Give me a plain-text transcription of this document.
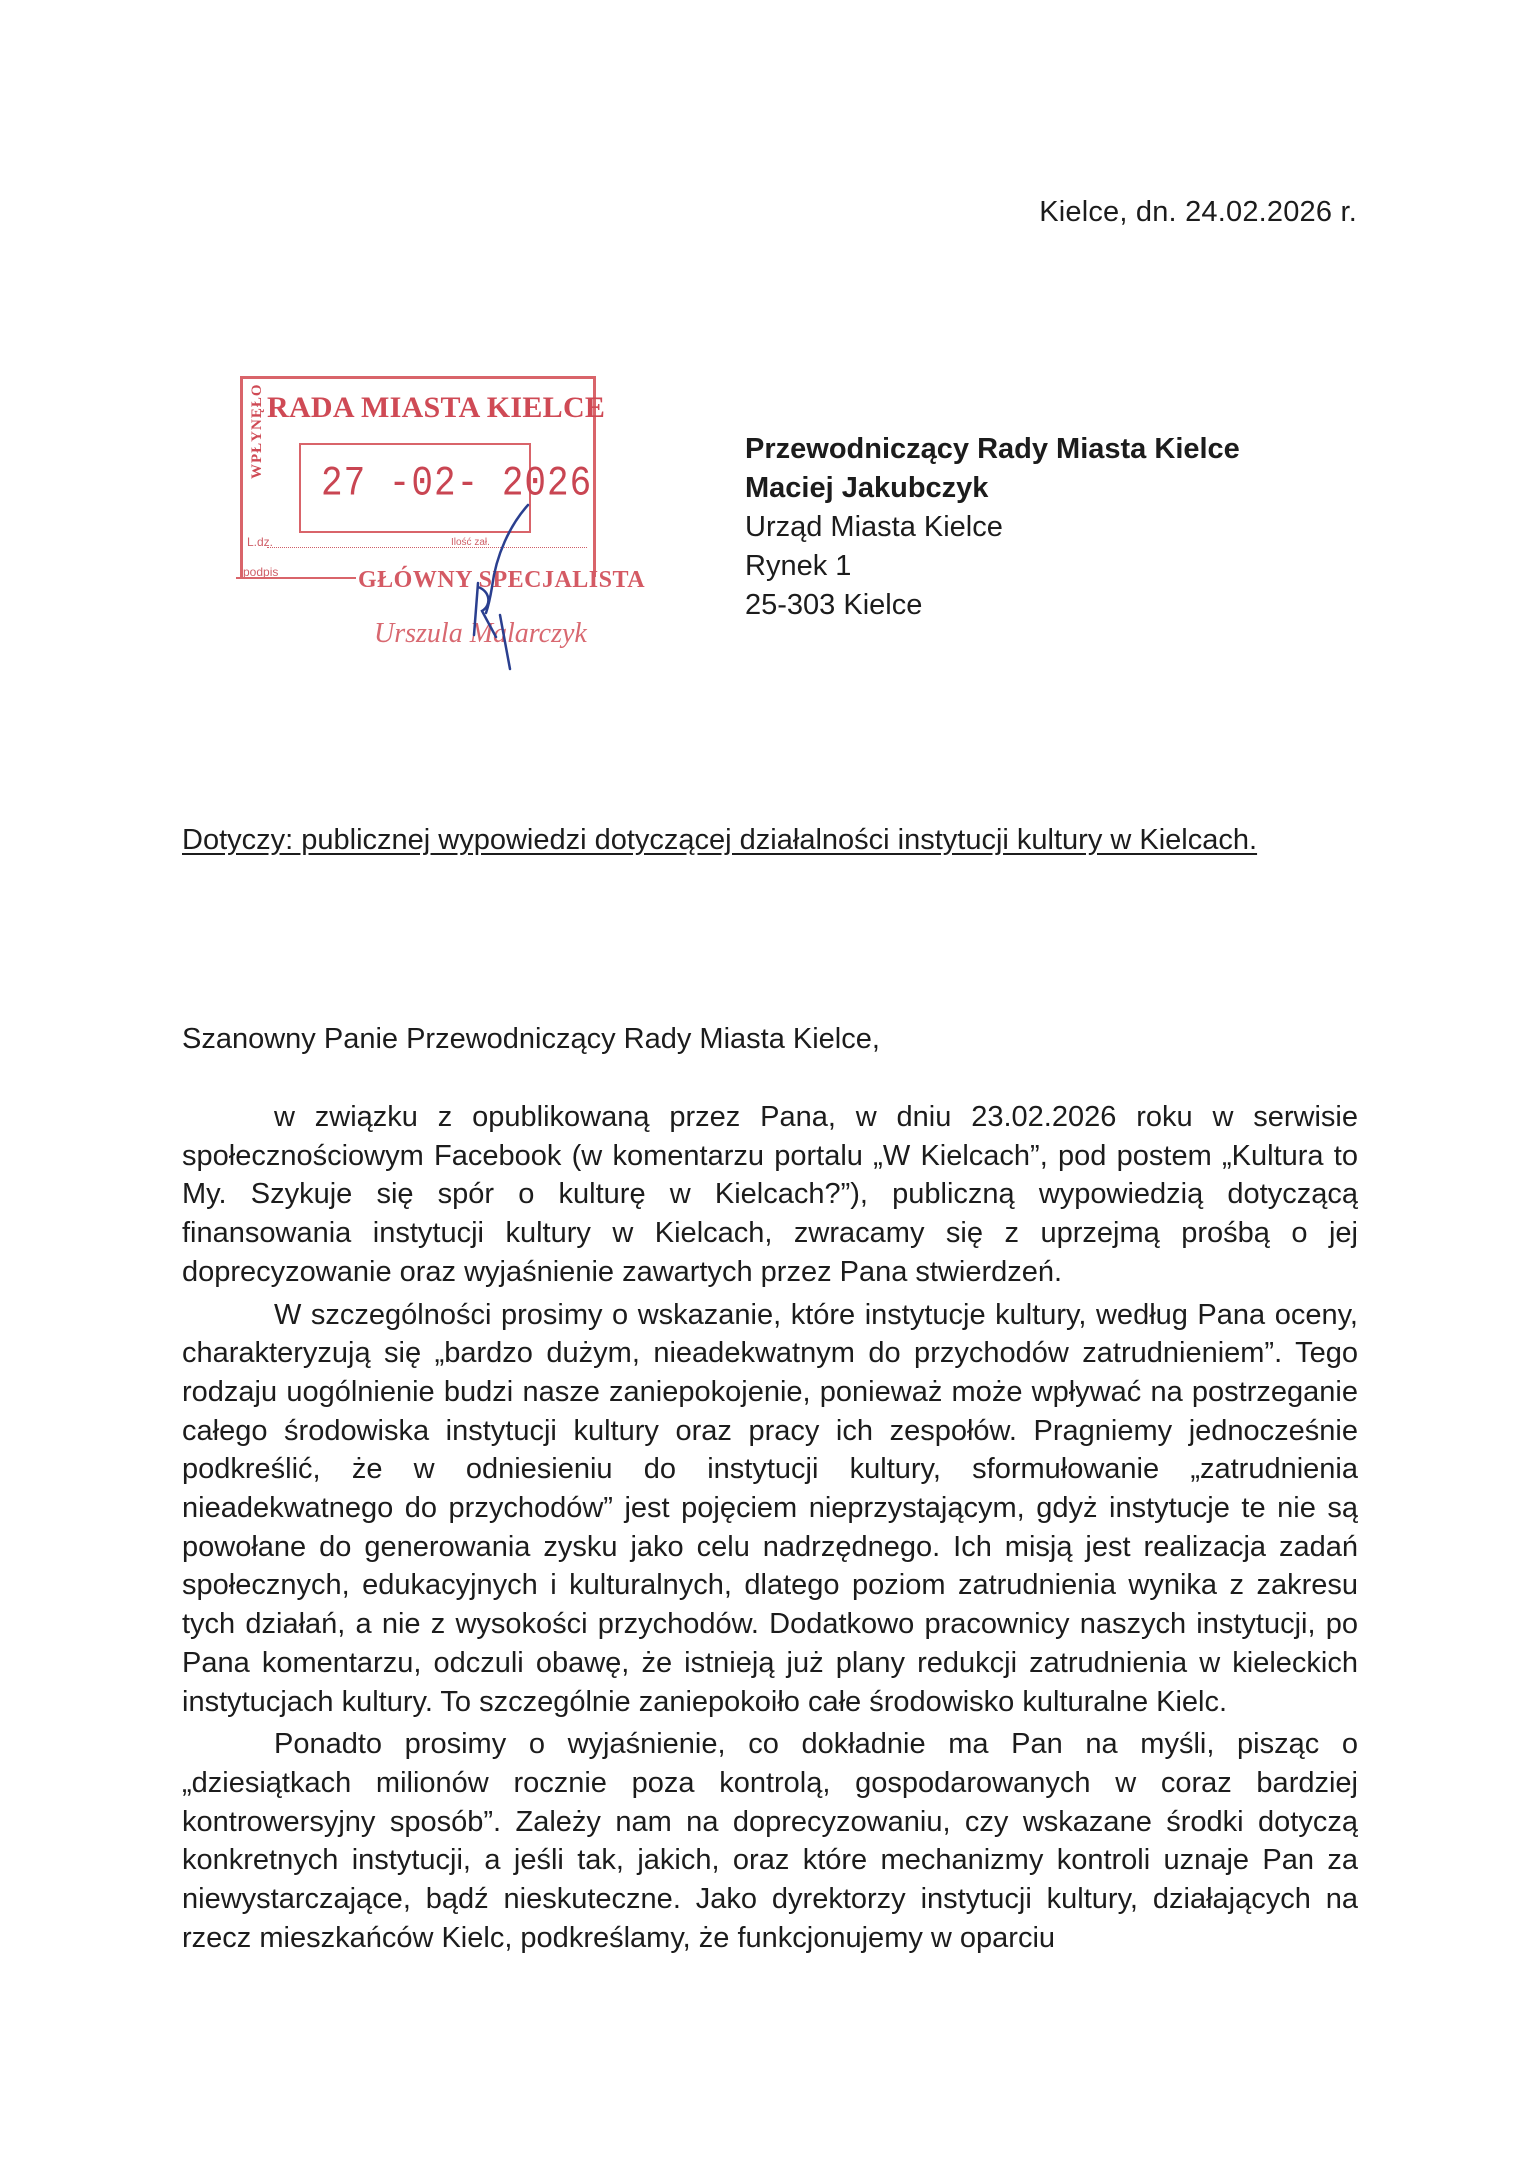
Kielce, dn. 24.02.2026 r.
RADA MIASTA KIELCE
WPŁYNĘŁO
27 -02- 2026
L.dz.	Ilość zał.
podpis	GŁÓWNY SPECJALISTA
Urszula Malarczyk
Przewodniczący Rady Miasta Kielce
Maciej Jakubczyk
Urząd Miasta Kielce
Rynek 1
25-303 Kielce
Dotyczy: publicznej wypowiedzi dotyczącej działalności instytucji kultury w Kielcach.
Szanowny Panie Przewodniczący Rady Miasta Kielce,

w związku z opublikowaną przez Pana, w dniu 23.02.2026 roku w serwisie społecznościowym Facebook (w komentarzu portalu „W Kielcach”, pod postem „Kultura to My. Szykuje się spór o kulturę w Kielcach?”), publiczną wypowiedzią dotyczącą finansowania instytucji kultury w Kielcach, zwracamy się z uprzejmą prośbą o jej doprecyzowanie oraz wyjaśnienie zawartych przez Pana stwierdzeń.

W szczególności prosimy o wskazanie, które instytucje kultury, według Pana oceny, charakteryzują się „bardzo dużym, nieadekwatnym do przychodów zatrudnieniem”. Tego rodzaju uogólnienie budzi nasze zaniepokojenie, ponieważ może wpływać na postrzeganie całego środowiska instytucji kultury oraz pracy ich zespołów. Pragniemy jednocześnie podkreślić, że w odniesieniu do instytucji kultury, sformułowanie „zatrudnienia nieadekwatnego do przychodów” jest pojęciem nieprzystającym, gdyż instytucje te nie są powołane do generowania zysku jako celu nadrzędnego. Ich misją jest realizacja zadań społecznych, edukacyjnych i kulturalnych, dlatego poziom zatrudnienia wynika z zakresu tych działań, a nie z wysokości przychodów. Dodatkowo pracownicy naszych instytucji, po Pana komentarzu, odczuli obawę, że istnieją już plany redukcji zatrudnienia w kieleckich instytucjach kultury. To szczególnie zaniepokoiło całe środowisko kulturalne Kielc.

Ponadto prosimy o wyjaśnienie, co dokładnie ma Pan na myśli, pisząc o „dziesiątkach milionów rocznie poza kontrolą, gospodarowanych w coraz bardziej kontrowersyjny sposób”. Zależy nam na doprecyzowaniu, czy wskazane środki dotyczą konkretnych instytucji, a jeśli tak, jakich, oraz które mechanizmy kontroli uznaje Pan za niewystarczające, bądź nieskuteczne. Jako dyrektorzy instytucji kultury, działających na rzecz mieszkańców Kielc, podkreślamy, że funkcjonujemy w oparciu
